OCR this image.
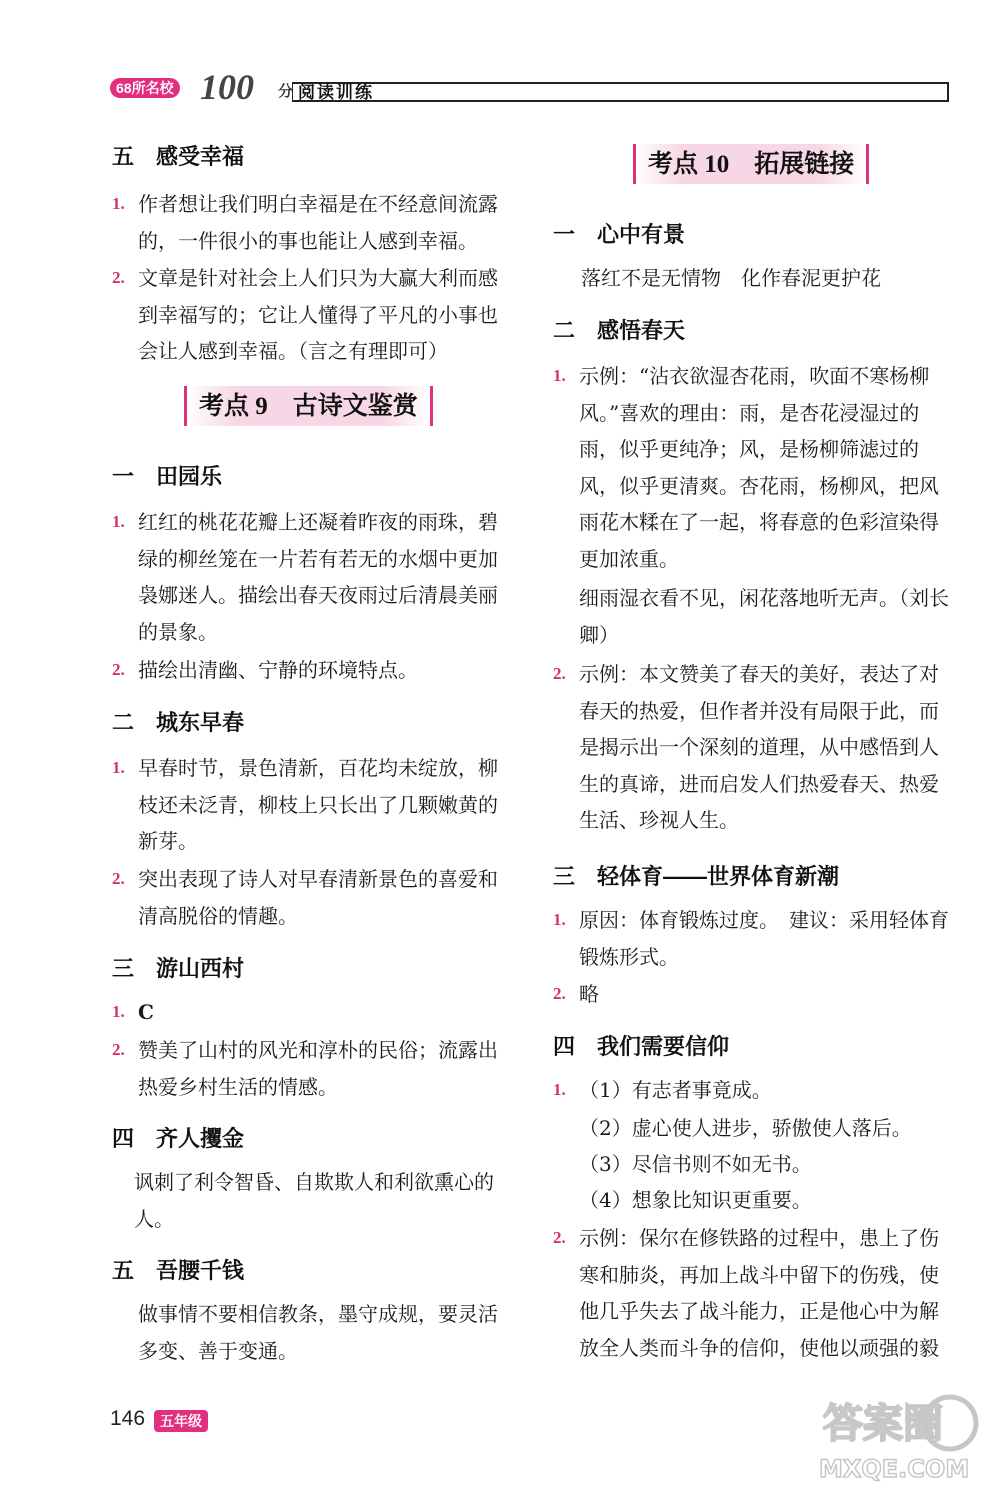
68所名校 100 分 阅读训练
五 感受幸福
1. 作者想让我们明白幸福是在不经意间流露的，一件很小的事也能让人感到幸福。
2. 文章是针对社会上人们只为大赢大利而感到幸福写的；它让人懂得了平凡的小事也会让人感到幸福。（言之有理即可）
考点 9　古诗文鉴赏
一 田园乐
1. 红红的桃花花瓣上还凝着昨夜的雨珠，碧绿的柳丝笼在一片若有若无的水烟中更加袅娜迷人。描绘出春天夜雨过后清晨美丽的景象。
2. 描绘出清幽、宁静的环境特点。
二 城东早春
1. 早春时节，景色清新，百花均未绽放，柳枝还未泛青，柳枝上只长出了几颗嫩黄的新芽。
2. 突出表现了诗人对早春清新景色的喜爱和清高脱俗的情趣。
三 游山西村
1. C
2. 赞美了山村的风光和淳朴的民俗；流露出热爱乡村生活的情感。
四 齐人攫金
讽刺了利令智昏、自欺欺人和利欲熏心的人。
五 吾腰千钱
做事情不要相信教条，墨守成规，要灵活多变、善于变通。
考点 10　拓展链接
一 心中有景
落红不是无情物　化作春泥更护花
二 感悟春天
1. 示例：“沾衣欲湿杏花雨，吹面不寒杨柳风。”喜欢的理由：雨，是杏花浸湿过的雨，似乎更纯净；风，是杨柳筛滤过的风，似乎更清爽。杏花雨，杨柳风，把风雨花木糅在了一起，将春意的色彩渲染得更加浓重。
细雨湿衣看不见，闲花落地听无声。（刘长卿）
2. 示例：本文赞美了春天的美好，表达了对春天的热爱，但作者并没有局限于此，而是揭示出一个深刻的道理，从中感悟到人生的真谛，进而启发人们热爱春天、热爱生活、珍视人生。
三 轻体育——世界体育新潮
1. 原因：体育锻炼过度。　建议：采用轻体育锻炼形式。
2. 略
四 我们需要信仰
1. （1）有志者事竟成。
（2）虚心使人进步，骄傲使人落后。
（3）尽信书则不如无书。
（4）想象比知识更重要。
2. 示例：保尔在修铁路的过程中，患上了伤寒和肺炎，再加上战斗中留下的伤残，使他几乎失去了战斗能力，正是他心中为解放全人类而斗争的信仰，使他以顽强的毅
146	五年级	答案圈
MXQE.COM
